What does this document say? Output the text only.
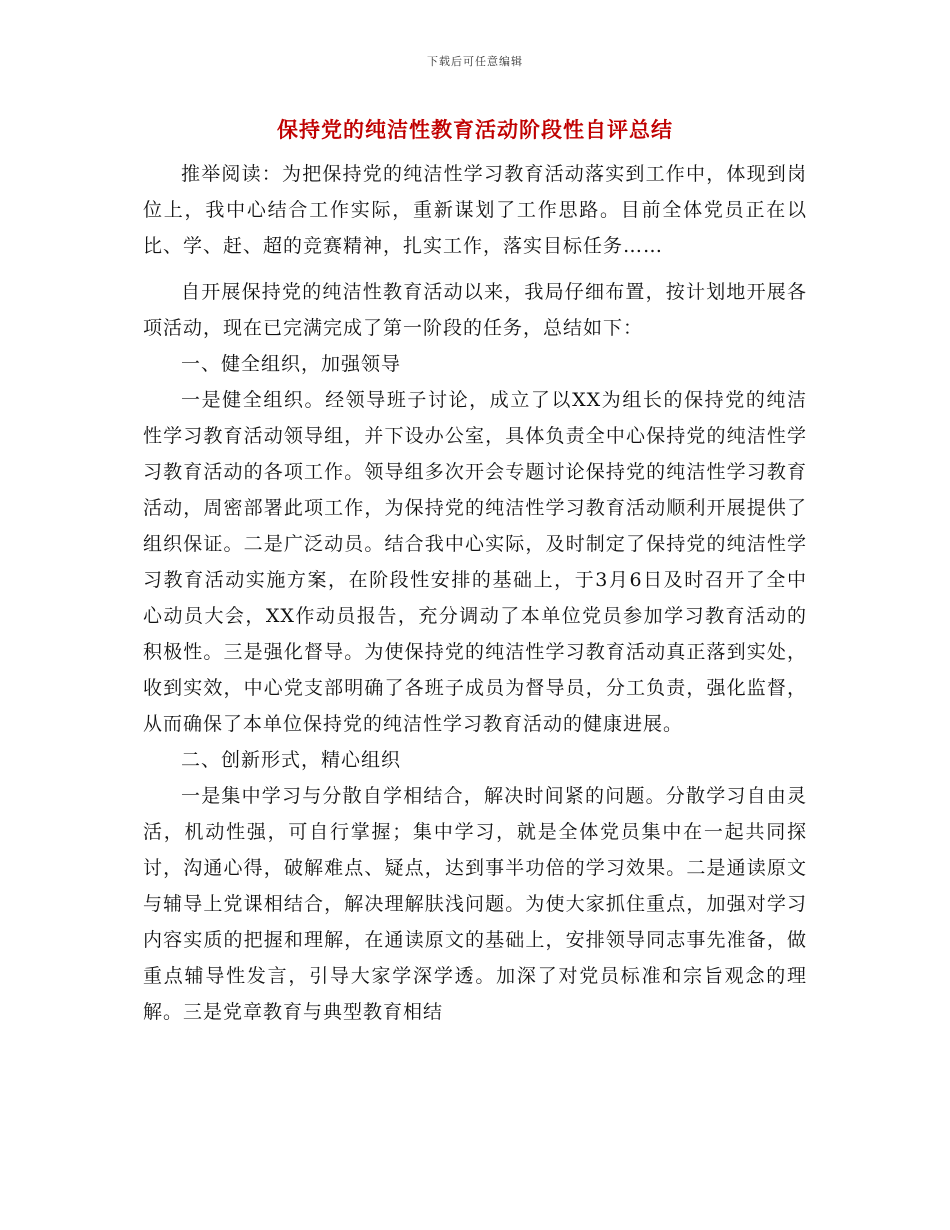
下载后可任意编辑
保持党的纯洁性教育活动阶段性自评总结

推举阅读：为把保持党的纯洁性学习教育活动落实到工作中，体现到岗位上，我中心结合工作实际，重新谋划了工作思路。目前全体党员正在以比、学、赶、超的竞赛精神，扎实工作，落实目标任务……

自开展保持党的纯洁性教育活动以来，我局仔细布置，按计划地开展各项活动，现在已完满完成了第一阶段的任务，总结如下：

一、健全组织，加强领导

一是健全组织。经领导班子讨论，成立了以XX为组长的保持党的纯洁性学习教育活动领导组，并下设办公室，具体负责全中心保持党的纯洁性学习教育活动的各项工作。领导组多次开会专题讨论保持党的纯洁性学习教育活动，周密部署此项工作，为保持党的纯洁性学习教育活动顺利开展提供了组织保证。二是广泛动员。结合我中心实际，及时制定了保持党的纯洁性学习教育活动实施方案，在阶段性安排的基础上，于3月6日及时召开了全中心动员大会，XX作动员报告，充分调动了本单位党员参加学习教育活动的积极性。三是强化督导。为使保持党的纯洁性学习教育活动真正落到实处，收到实效，中心党支部明确了各班子成员为督导员，分工负责，强化监督，从而确保了本单位保持党的纯洁性学习教育活动的健康进展。

二、创新形式，精心组织

一是集中学习与分散自学相结合，解决时间紧的问题。分散学习自由灵活，机动性强，可自行掌握；集中学习，就是全体党员集中在一起共同探讨，沟通心得，破解难点、疑点，达到事半功倍的学习效果。二是通读原文与辅导上党课相结合，解决理解肤浅问题。为使大家抓住重点，加强对学习内容实质的把握和理解，在通读原文的基础上，安排领导同志事先准备，做重点辅导性发言，引导大家学深学透。加深了对党员标准和宗旨观念的理解。三是党章教育与典型教育相结
